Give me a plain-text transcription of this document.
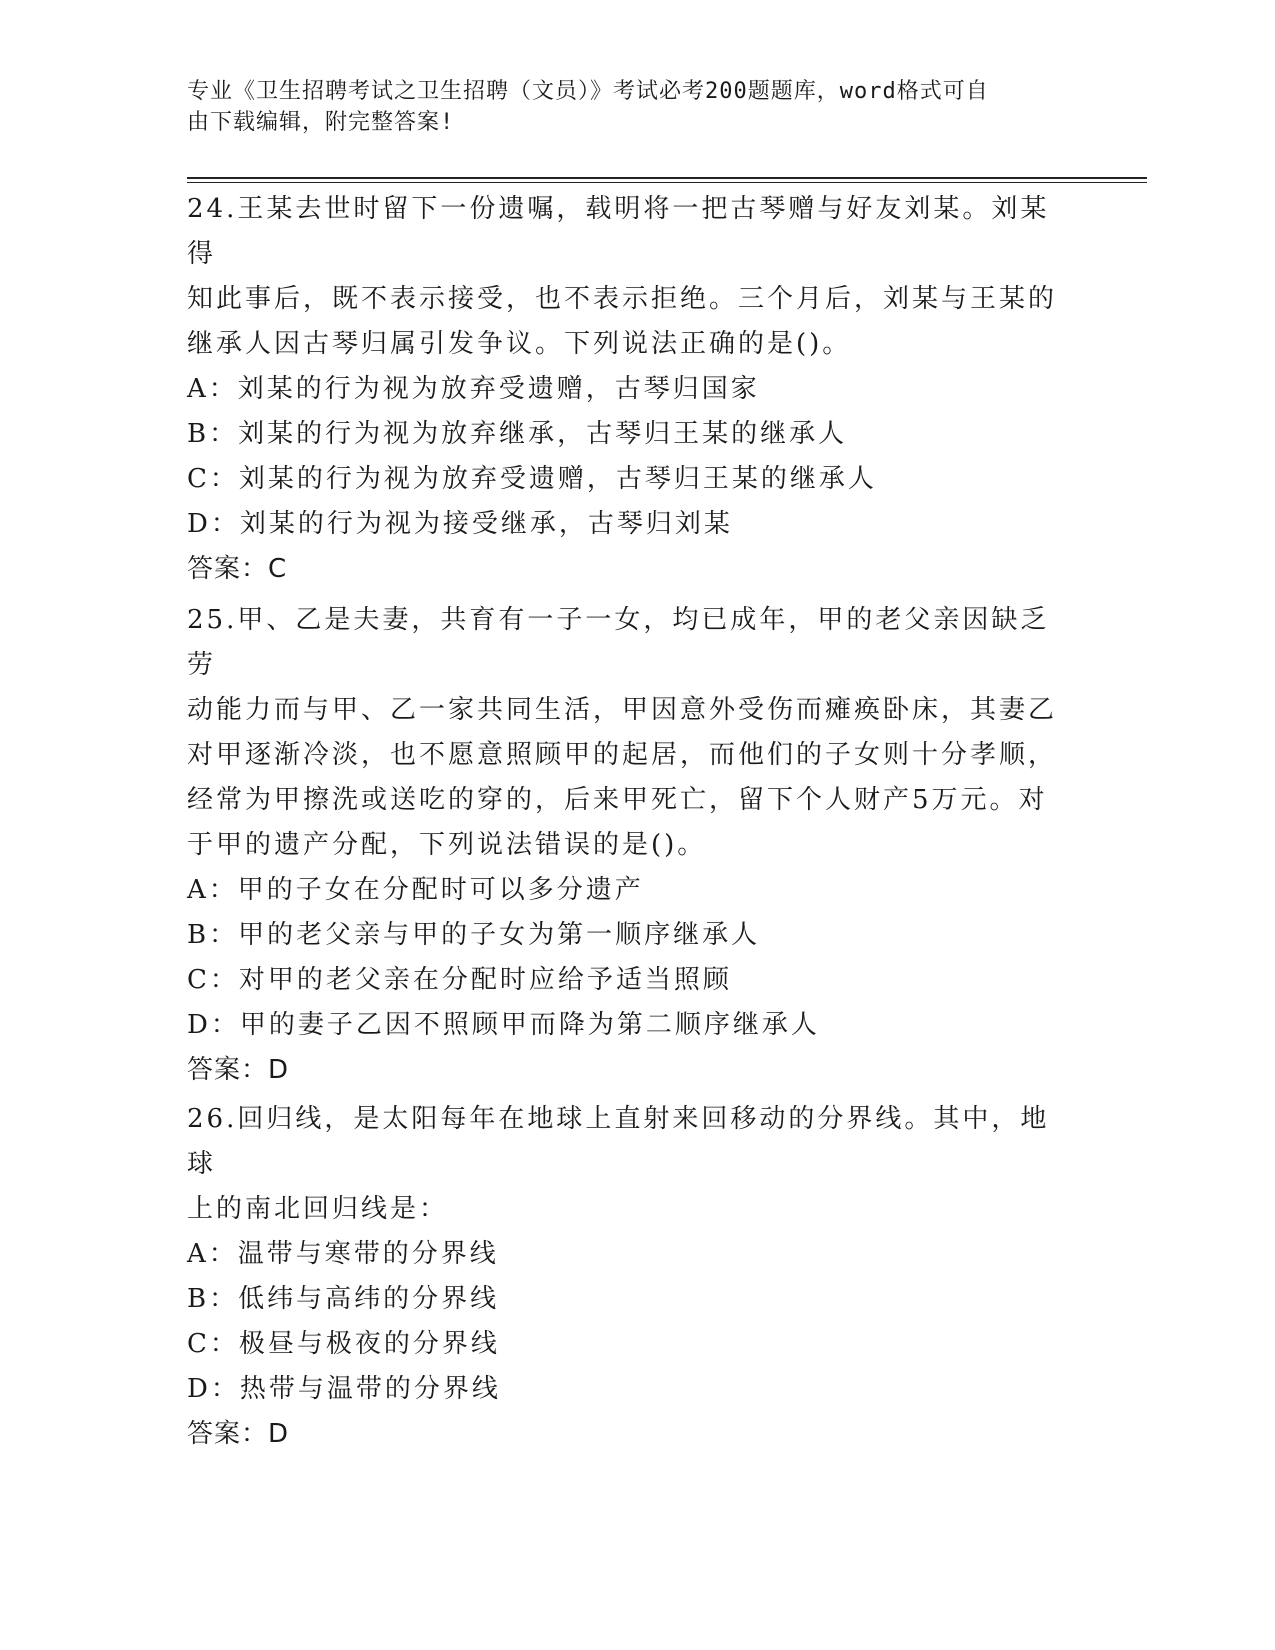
专业《卫生招聘考试之卫生招聘（文员）》考试必考200题题库，word格式可自
由下载编辑，附完整答案!
24.王某去世时留下一份遗嘱，载明将一把古琴赠与好友刘某。刘某得
知此事后，既不表示接受，也不表示拒绝。三个月后，刘某与王某的
继承人因古琴归属引发争议。下列说法正确的是()。
A：刘某的行为视为放弃受遗赠，古琴归国家
B：刘某的行为视为放弃继承，古琴归王某的继承人
C：刘某的行为视为放弃受遗赠，古琴归王某的继承人
D：刘某的行为视为接受继承，古琴归刘某
答案：C
25.甲、乙是夫妻，共育有一子一女，均已成年，甲的老父亲因缺乏劳
动能力而与甲、乙一家共同生活，甲因意外受伤而瘫痪卧床，其妻乙
对甲逐渐冷淡，也不愿意照顾甲的起居，而他们的子女则十分孝顺，
经常为甲擦洗或送吃的穿的，后来甲死亡，留下个人财产5万元。对
于甲的遗产分配，下列说法错误的是()。
A：甲的子女在分配时可以多分遗产
B：甲的老父亲与甲的子女为第一顺序继承人
C：对甲的老父亲在分配时应给予适当照顾
D：甲的妻子乙因不照顾甲而降为第二顺序继承人
答案：D
26.回归线，是太阳每年在地球上直射来回移动的分界线。其中，地球
上的南北回归线是：
A：温带与寒带的分界线
B：低纬与高纬的分界线
C：极昼与极夜的分界线
D：热带与温带的分界线
答案：D
